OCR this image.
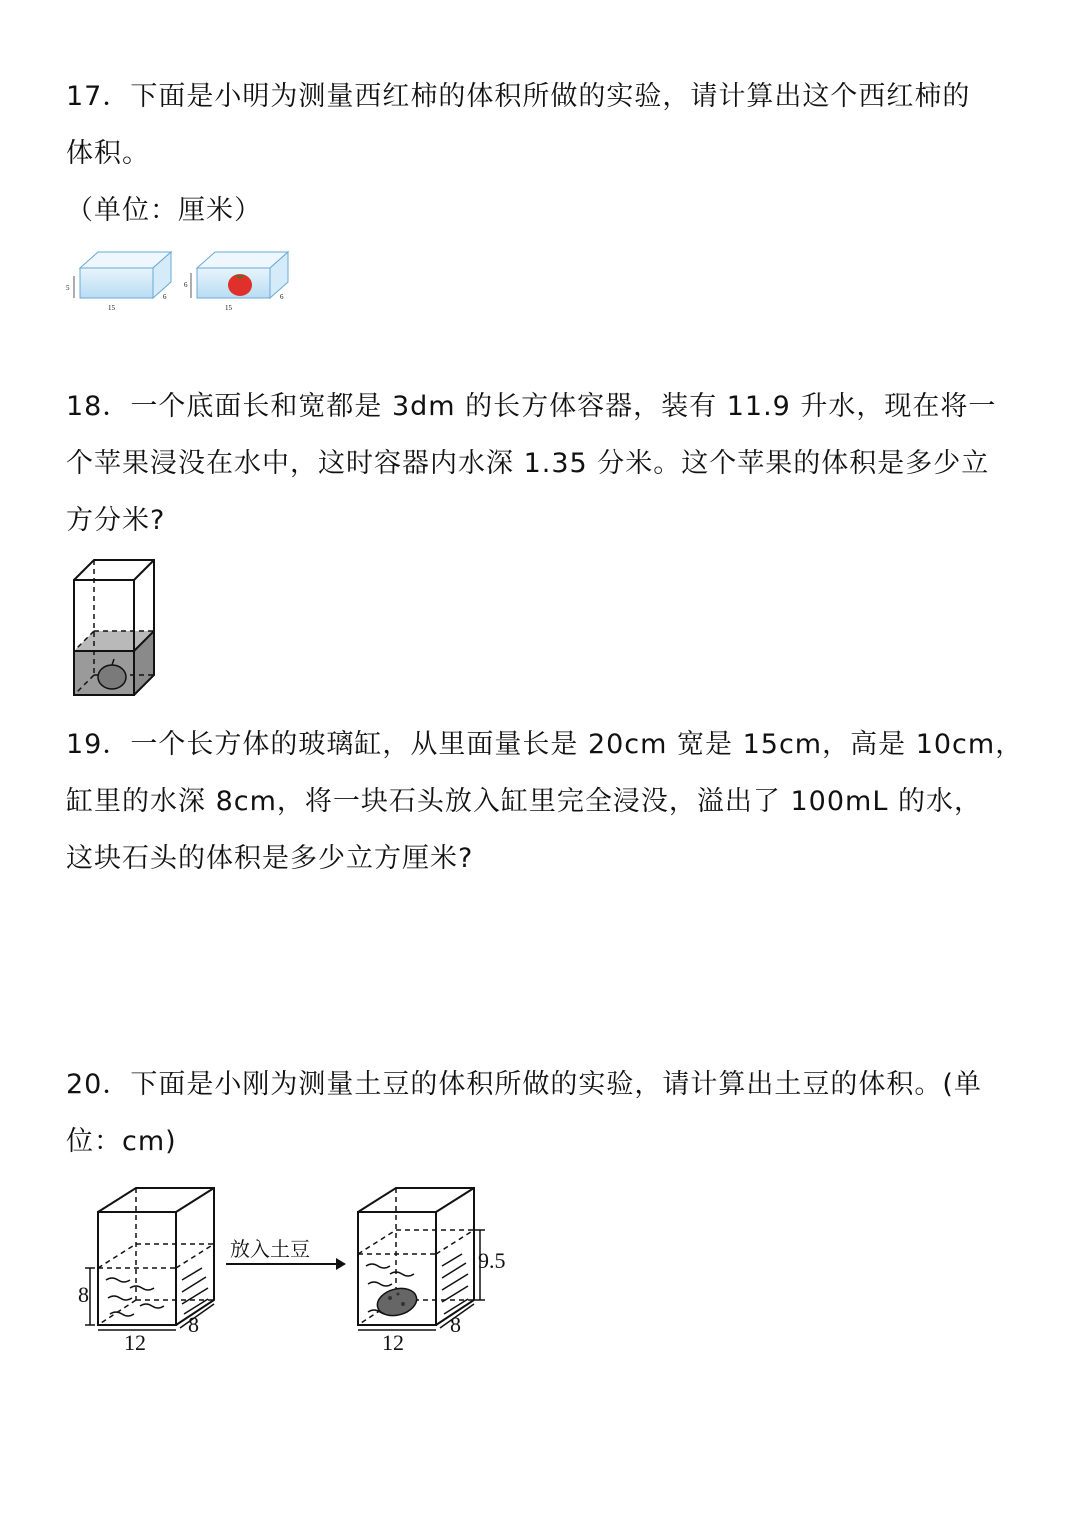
17．下面是小明为测量西红柿的体积所做的实验，请计算出这个西红柿的

体积。

（单位：厘米）

5
15
6
6
15
6

18．一个底面长和宽都是 3dm 的长方体容器，装有 11.9 升水，现在将一

个苹果浸没在水中，这时容器内水深 1.35 分米。这个苹果的体积是多少立

方分米?

19．一个长方体的玻璃缸，从里面量长是 20cm 宽是 15cm，高是 10cm，

缸里的水深 8cm，将一块石头放入缸里完全浸没，溢出了 100mL 的水，

这块石头的体积是多少立方厘米?

20．下面是小刚为测量土豆的体积所做的实验，请计算出土豆的体积。(单

位：cm)

8
12
8
放入土豆	9.5
12
8
